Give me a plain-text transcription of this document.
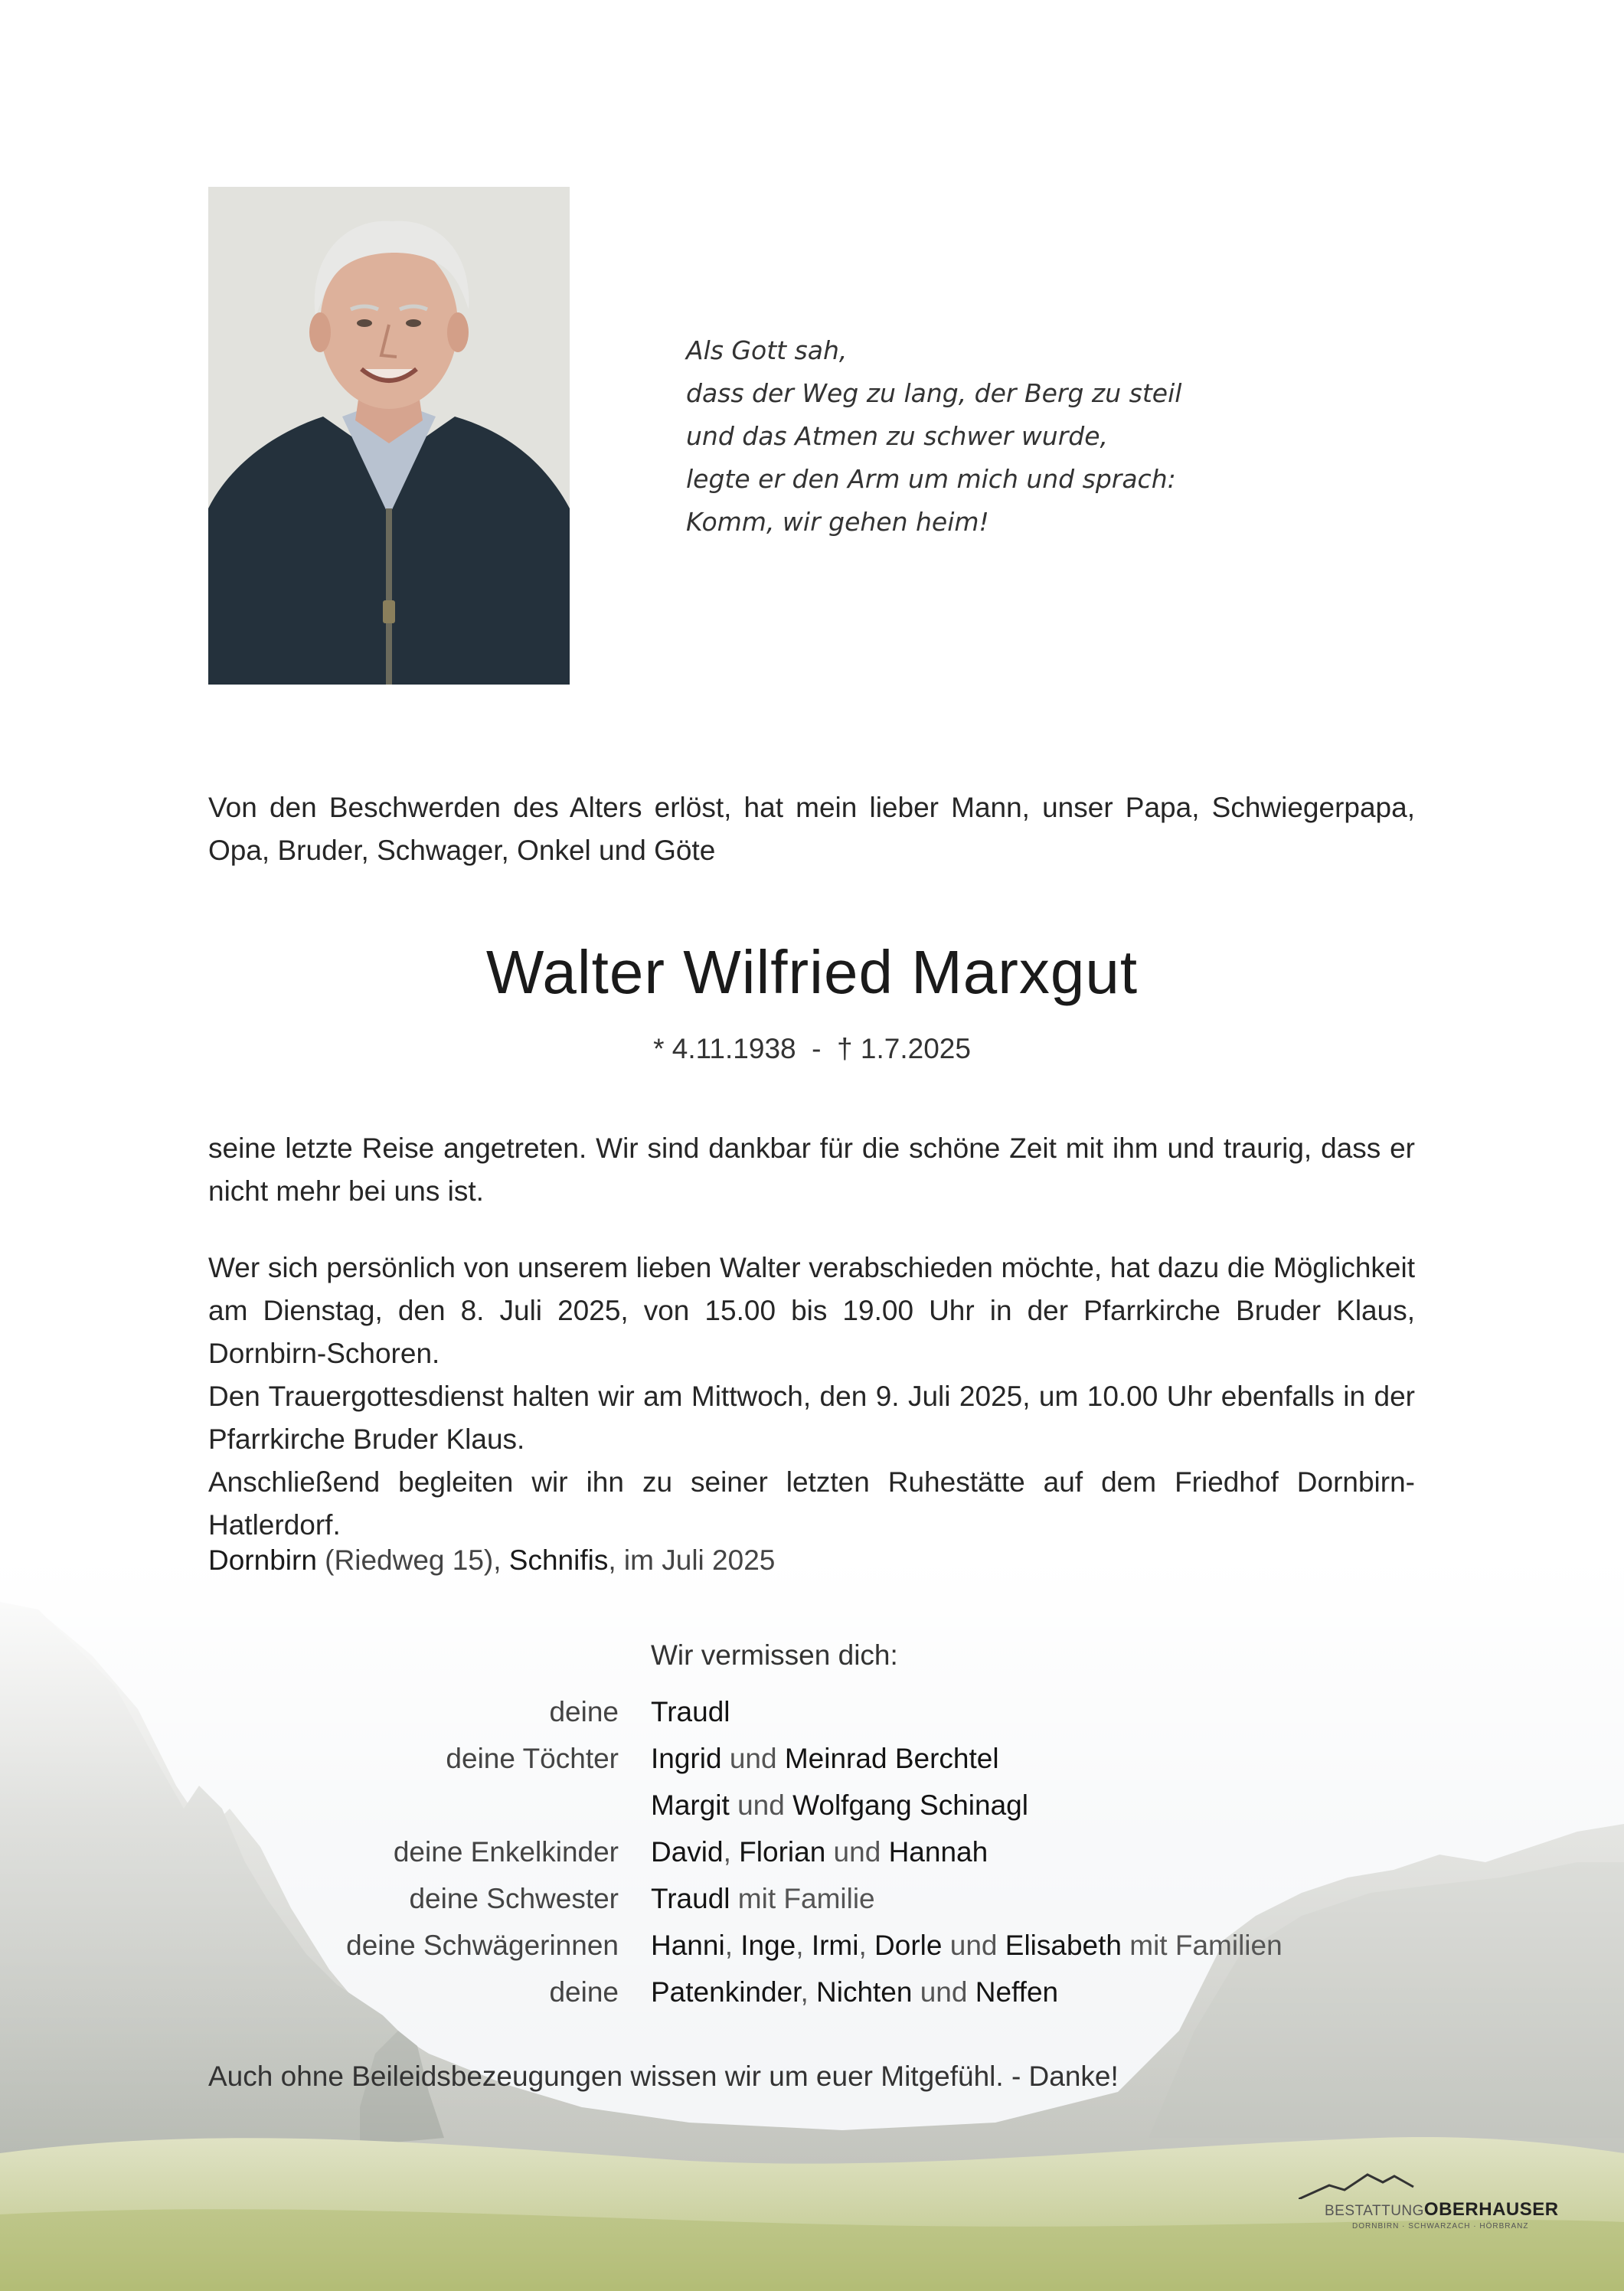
Als Gott sah,
dass der Weg zu lang, der Berg zu steil
und das Atmen zu schwer wurde,
legte er den Arm um mich und sprach:
Komm, wir gehen heim!
Von den Beschwerden des Alters erlöst, hat mein lieber Mann, unser Papa, Schwiegerpapa, Opa, Bruder, Schwager, Onkel und Göte
Walter Wilfried Marxgut
* 4.11.1938  -  † 1.7.2025
seine letzte Reise angetreten. Wir sind dankbar für die schöne Zeit mit ihm und traurig, dass er nicht mehr bei uns ist.

Wer sich persönlich von unserem lieben Walter verabschieden möchte, hat dazu die Möglichkeit am Dienstag, den 8. Juli 2025, von 15.00 bis 19.00 Uhr in der Pfarrkirche Bruder Klaus, Dornbirn-Schoren.

Den Trauergottesdienst halten wir am Mittwoch, den 9. Juli 2025, um 10.00 Uhr ebenfalls in der Pfarrkirche Bruder Klaus.

Anschließend begleiten wir ihn zu seiner letzten Ruhestätte auf dem Friedhof Dornbirn-Hatlerdorf.

Dornbirn (Riedweg 15), Schnifis, im Juli 2025
Wir vermissen dich:
deine Traudl
deine Töchter Ingrid und Meinrad Berchtel
Margit und Wolfgang Schinagl
deine Enkelkinder David, Florian und Hannah
deine Schwester Traudl mit Familie
deine Schwägerinnen Hanni, Inge, Irmi, Dorle und Elisabeth mit Familien
deine Patenkinder, Nichten und Neffen
Auch ohne Beileidsbezeugungen wissen wir um euer Mitgefühl. - Danke!
BESTATTUNGOBERHAUSER
DORNBIRN · SCHWARZACH · HÖRBRANZ
